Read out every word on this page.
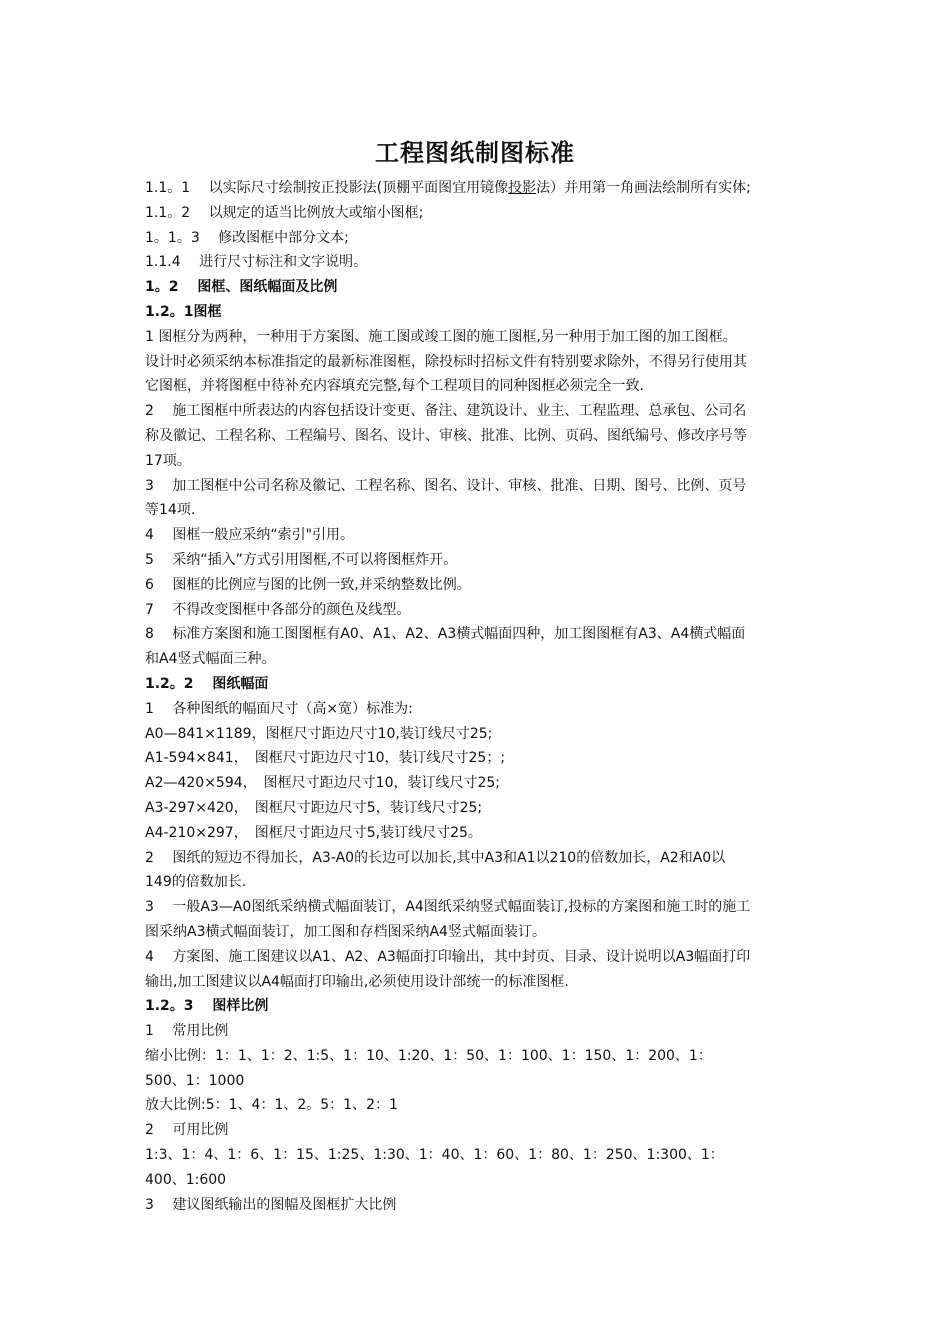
工程图纸制图标准
1.1。1　 以实际尺寸绘制按正投影法(顶棚平面图宜用镜像投影法）并用第一角画法绘制所有实体;
1.1。2　 以规定的适当比例放大或缩小图框;
1。1。3　 修改图框中部分文本;
1.1.4　 进行尺寸标注和文字说明。
1。2　 图框、图纸幅面及比例
1.2。1图框
1 图框分为两种，一种用于方案图、施工图或竣工图的施工图框,另一种用于加工图的加工图框。
设计时必须采纳本标准指定的最新标准图框，除投标时招标文件有特别要求除外，不得另行使用其
它图框，并将图框中待补充内容填充完整,每个工程项目的同种图框必须完全一致.
2　 施工图框中所表达的内容包括设计变更、备注、建筑设计、业主、工程监理、总承包、公司名
称及徽记、工程名称、工程编号、图名、设计、审核、批准、比例、页码、图纸编号、修改序号等
17项。
3　 加工图框中公司名称及徽记、工程名称、图名、设计、审核、批准、日期、图号、比例、页号
等14项.
4　 图框一般应采纳“索引"引用。
5　 采纳“插入”方式引用图框,不可以将图框炸开。
6　 图框的比例应与图的比例一致,并采纳整数比例。
7　 不得改变图框中各部分的颜色及线型。
8　 标准方案图和施工图图框有A0、A1、A2、A3横式幅面四种，加工图图框有A3、A4横式幅面
和A4竖式幅面三种。
1.2。2　 图纸幅面
1　 各种图纸的幅面尺寸（高×宽）标准为:
A0—841×1189，图框尺寸距边尺寸10,装订线尺寸25;
A1-594×841，　图框尺寸距边尺寸10，装订线尺寸25；;
A2—420×594，　图框尺寸距边尺寸10，装订线尺寸25;
A3-297×420，　图框尺寸距边尺寸5，装订线尺寸25;
A4-210×297，　图框尺寸距边尺寸5,装订线尺寸25。
2　 图纸的短边不得加长，A3-A0的长边可以加长,其中A3和A1以210的倍数加长，A2和A0以
149的倍数加长.
3　 一般A3—A0图纸采纳横式幅面装订，A4图纸采纳竖式幅面装订,投标的方案图和施工时的施工
图采纳A3横式幅面装订，加工图和存档图采纳A4竖式幅面装订。
4　 方案图、施工图建议以A1、A2、A3幅面打印输出，其中封页、目录、设计说明以A3幅面打印
输出,加工图建议以A4幅面打印输出,必须使用设计部统一的标准图框.
1.2。3　 图样比例
1　 常用比例
缩小比例：1：1、1：2、1:5、1：10、1:20、1：50、1：100、1：150、1：200、1：
500、1：1000
放大比例:5：1、4：1、2。5：1、2：1
2　 可用比例
1:3、1：4、1：6、1：15、1:25、1:30、1：40、1：60、1：80、1：250、1:300、1：
400、1:600
3　 建议图纸输出的图幅及图框扩大比例
